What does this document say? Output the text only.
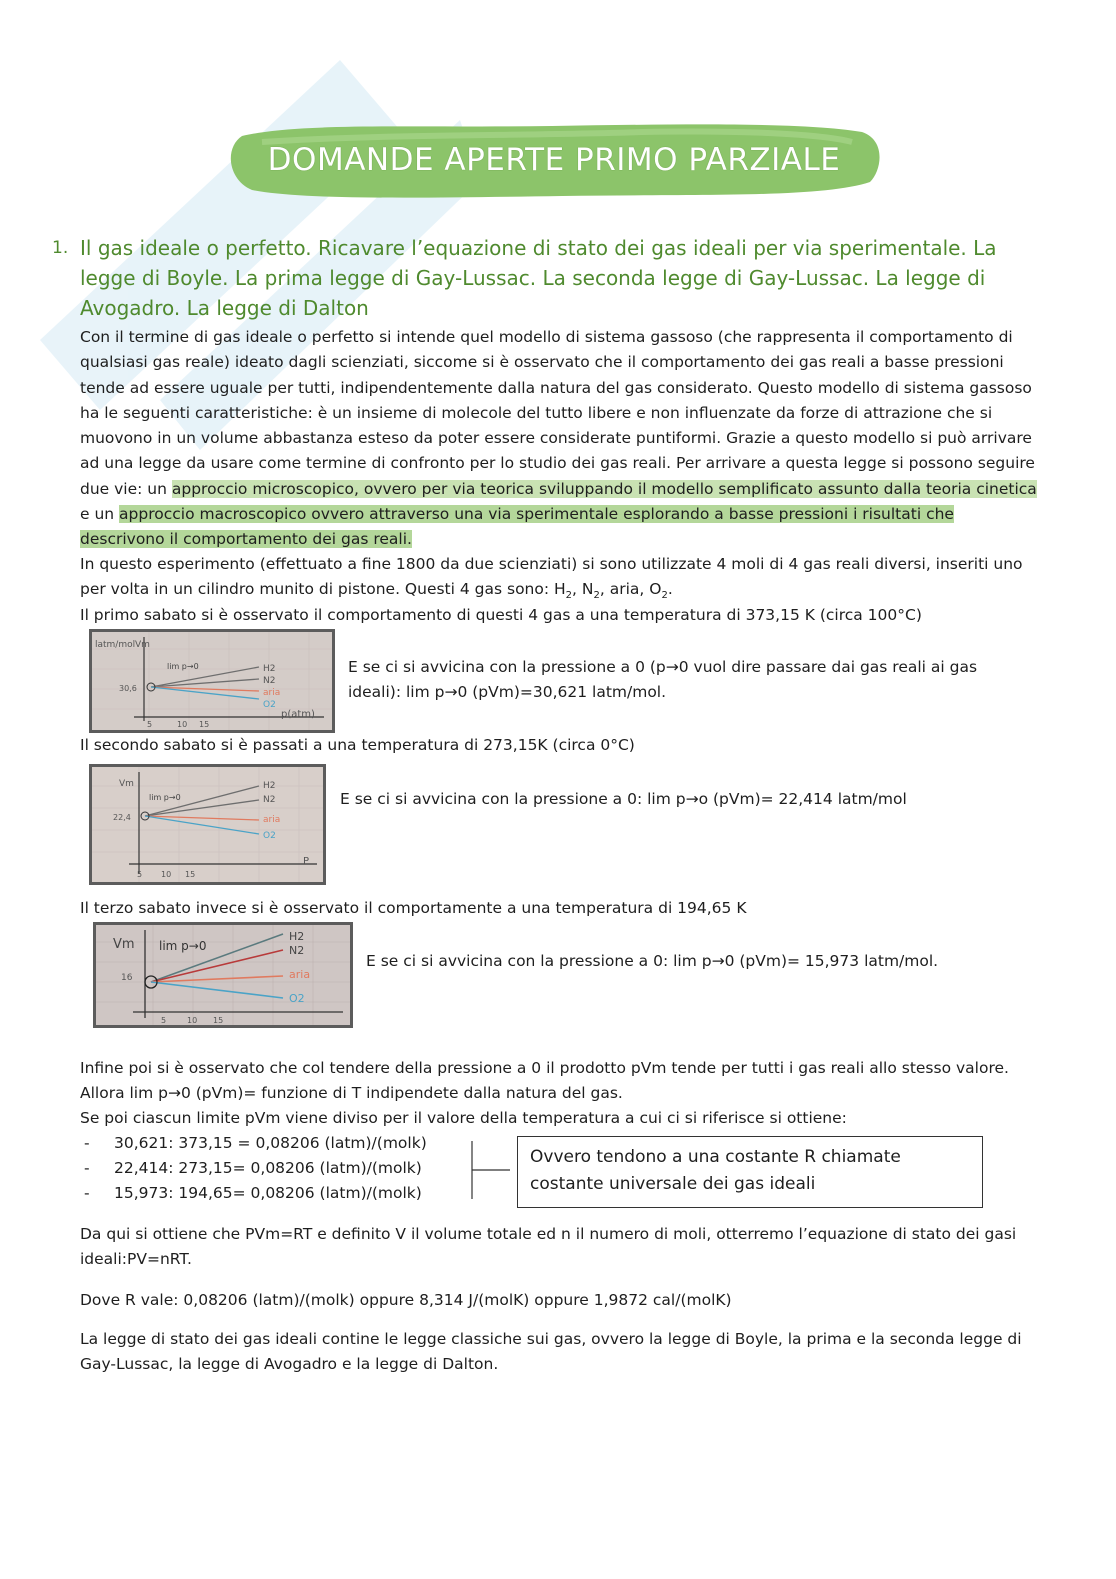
DOMANDE APERTE PRIMO PARZIALE
1. Il gas ideale o perfetto. Ricavare l’equazione di stato dei gas ideali per via sperimentale. La legge di Boyle. La prima legge di Gay-Lussac. La seconda legge di Gay-Lussac. La legge di Avogadro. La legge di Dalton
Con il termine di gas ideale o perfetto si intende quel modello di sistema gassoso (che rappresenta il comportamento di qualsiasi gas reale) ideato dagli scienziati, siccome si è osservato che il comportamento dei gas reali a basse pressioni tende ad essere uguale per tutti, indipendentemente dalla natura del gas considerato. Questo modello di sistema gassoso ha le seguenti caratteristiche: è un insieme di molecole del tutto libere e non influenzate da forze di attrazione che si muovono in un volume abbastanza esteso da poter essere considerate puntiformi. Grazie a questo modello si può arrivare ad una legge da usare come termine di confronto per lo studio dei gas reali. Per arrivare a questa legge si possono seguire due vie: un approccio microscopico, ovvero per via teorica sviluppando il modello semplificato assunto dalla teoria cinetica e un approccio macroscopico ovvero attraverso una via sperimentale esplorando a basse pressioni i risultati che descrivono il comportamento dei gas reali.
In questo esperimento (effettuato a fine 1800 da due scienziati) si sono utilizzate 4 moli di 4 gas reali diversi, inseriti uno per volta in un cilindro munito di pistone. Questi 4 gas sono: $H_2$, $N_2$, aria, $O_2$.
Il primo sabato si è osservato il comportamento di questi 4 gas a una temperatura di 373,15 K (circa 100°C)
latm/mol Vm
30,6
lim p→0
5	10 15
p(atm)
H2
N2
aria
O2
E se ci si avvicina con la pressione a 0 (p→0 vuol dire passare dai gas reali ai gas ideali): lim p→0 (pVm)=30,621 latm/mol.
Il secondo sabato si è passati a una temperatura di 273,15K (circa 0°C)
Vm
22,4
lim p→0
5 10 15
P
H2
N2
aria
O2
E se ci si avvicina con la pressione a 0: lim p→o (pVm)= 22,414 latm/mol
Il terzo sabato invece si è osservato il comportamente a una temperatura di 194,65 K
Vm
16
lim p→0
5	10 15
H2
N2
aria
O2
E se ci si avvicina con la pressione a 0: lim p→0 (pVm)= 15,973 latm/mol.
Infine poi si è osservato che col tendere della pressione a 0 il prodotto pVm tende per tutti i gas reali allo stesso valore. Allora lim p→0 (pVm)= funzione di T indipendete dalla natura del gas.
Se poi ciascun limite pVm viene diviso per il valore della temperatura a cui ci si riferisce si ottiene:
- 30,621: 373,15 = 0,08206 (latm)/(molk)
- 22,414: 273,15= 0,08206 (latm)/(molk)
- 15,973: 194,65= 0,08206 (latm)/(molk)
Ovvero tendono a una costante R chiamate costante universale dei gas ideali
Da qui si ottiene che PVm=RT e definito V il volume totale ed n il numero di moli, otterremo l’equazione di stato dei gasi ideali:PV=nRT.
Dove R vale: 0,08206 (latm)/(molk) oppure 8,314 J/(molK) oppure 1,9872 cal/(molK)
La legge di stato dei gas ideali contine le legge classiche sui gas, ovvero la legge di Boyle, la prima e la seconda legge di Gay-Lussac, la legge di Avogadro e la legge di Dalton.
